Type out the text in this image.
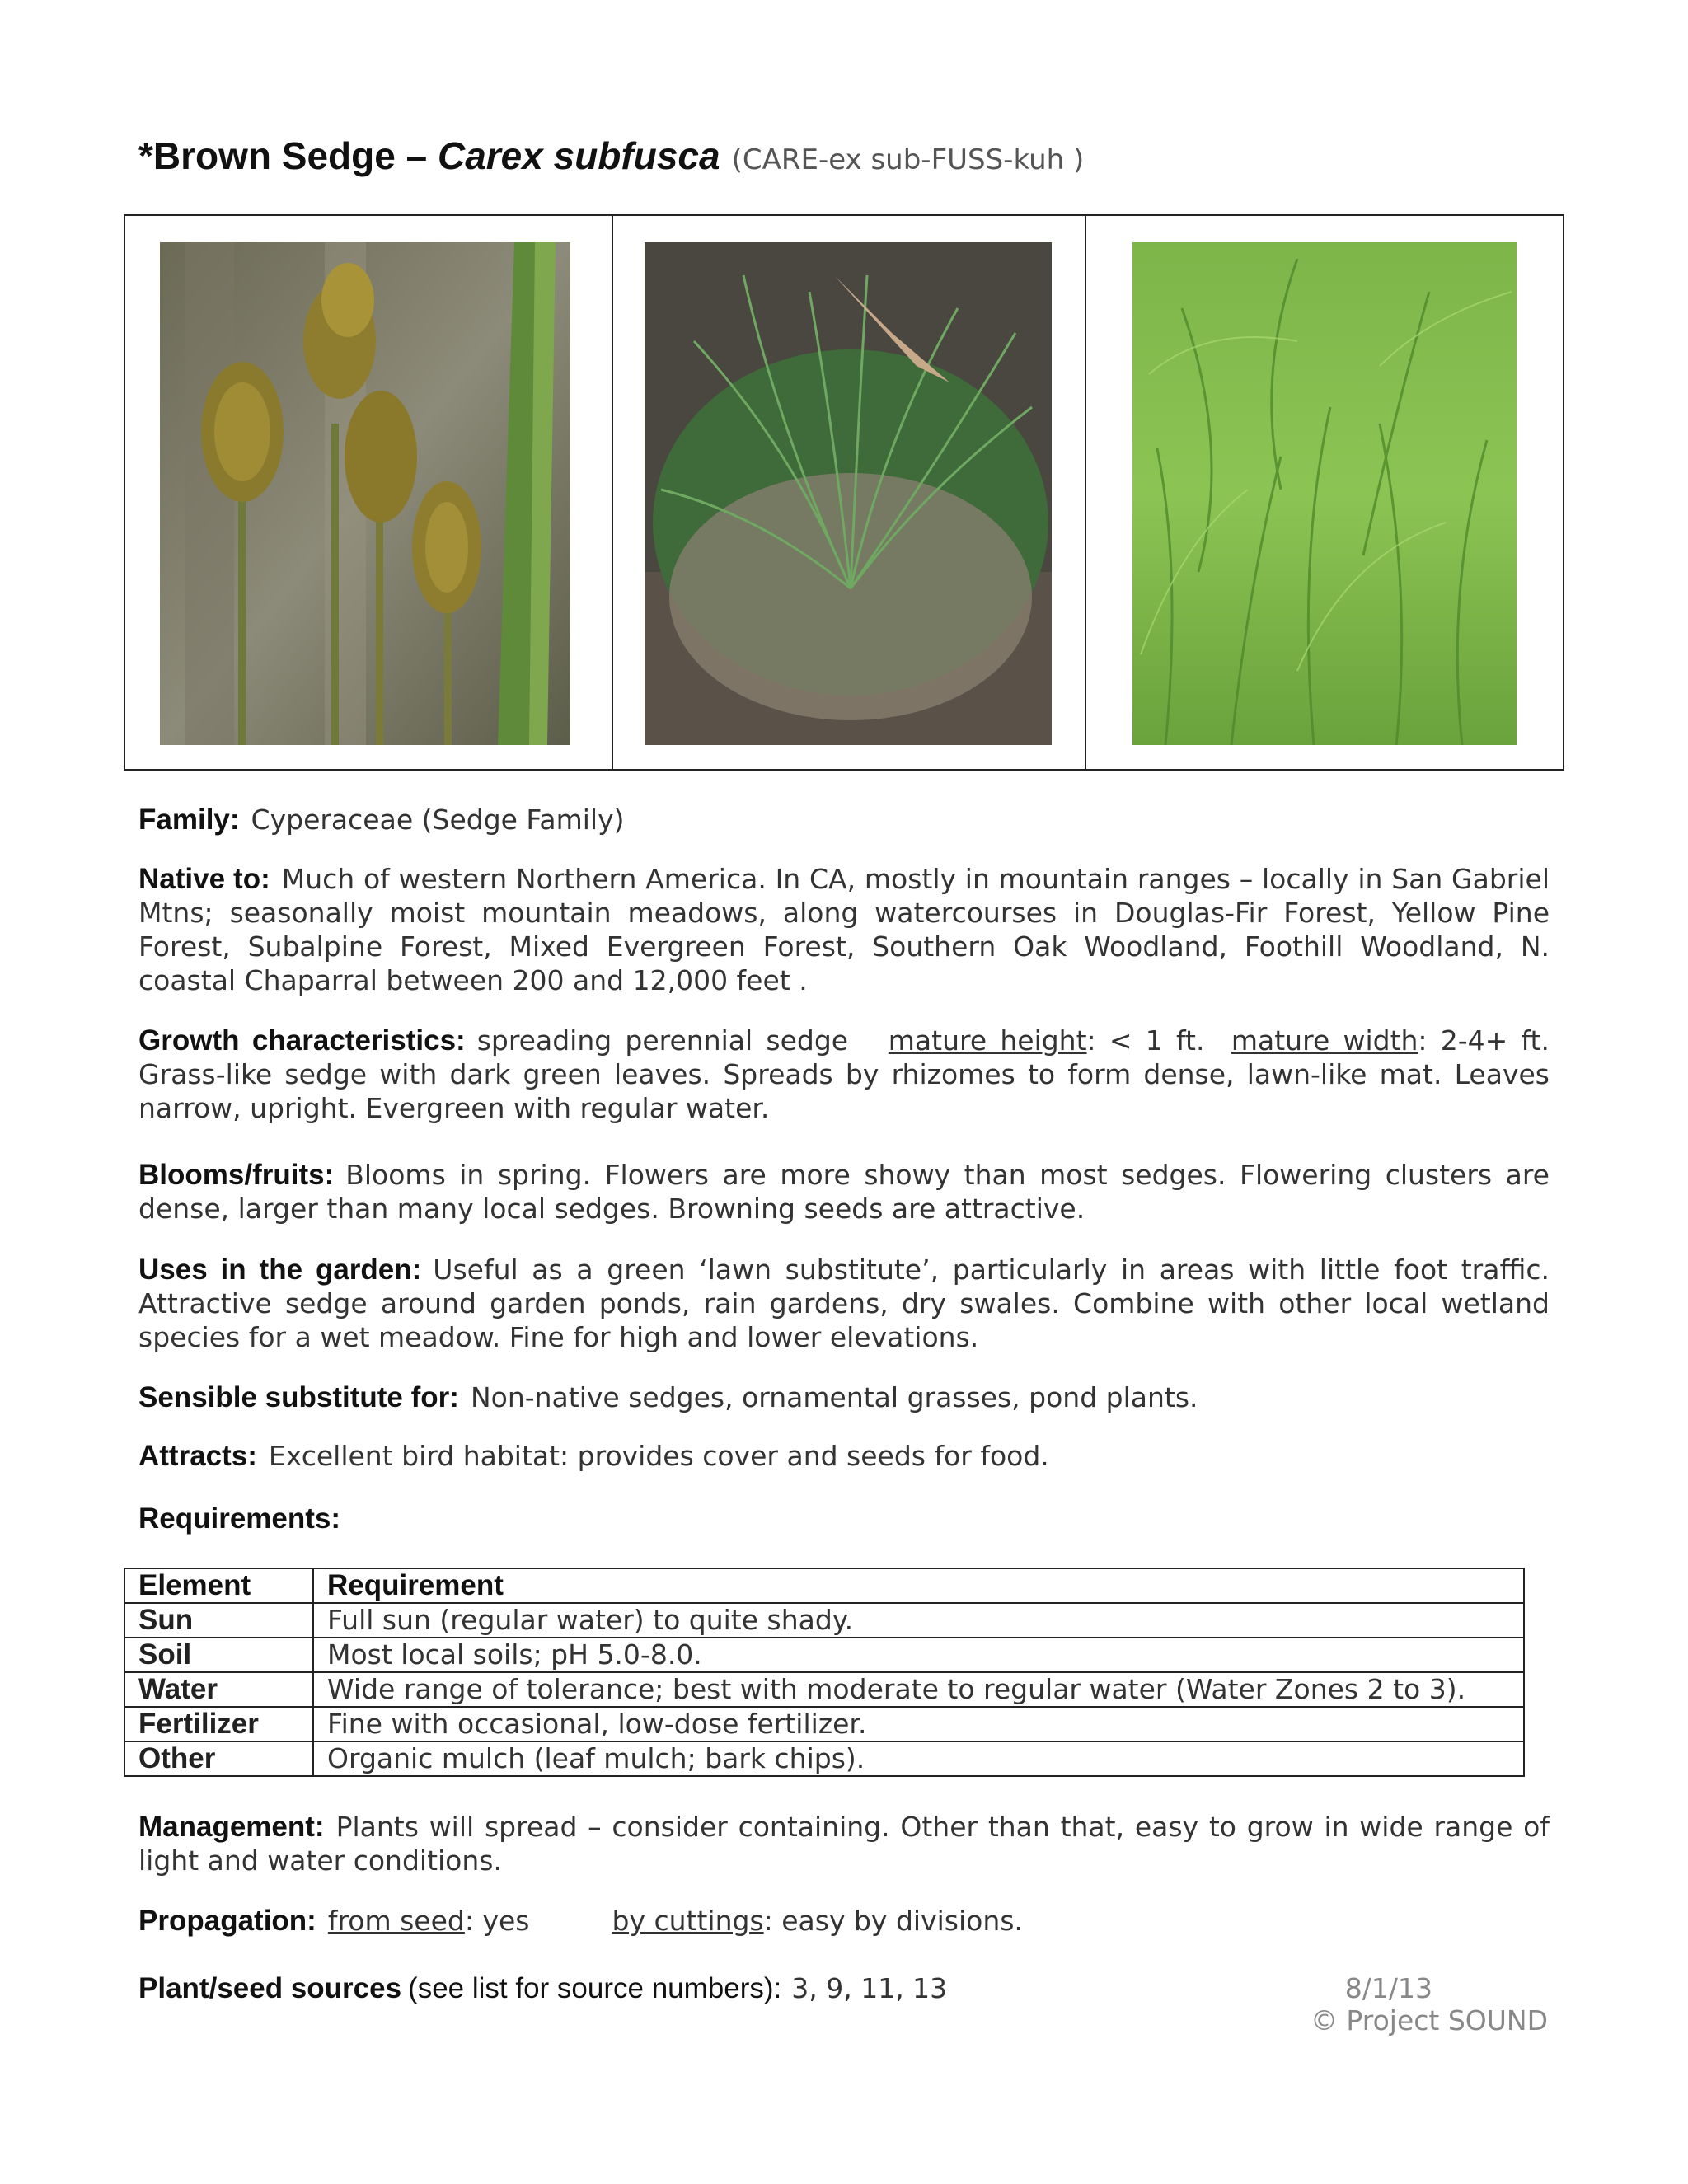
*Brown Sedge – Carex subfusca (CARE-ex sub-FUSS-kuh )
Family: Cyperaceae (Sedge Family)
Native to: Much of western Northern America. In CA, mostly in mountain ranges – locally in San Gabriel Mtns; seasonally moist mountain meadows, along watercourses in Douglas-Fir Forest, Yellow Pine Forest, Subalpine Forest, Mixed Evergreen Forest, Southern Oak Woodland, Foothill Woodland, N. coastal Chaparral between 200 and 12,000 feet .
Growth characteristics: spreading perennial sedge mature height: < 1 ft. mature width: 2-4+ ft. Grass-like sedge with dark green leaves. Spreads by rhizomes to form dense, lawn-like mat. Leaves narrow, upright. Evergreen with regular water.
Blooms/fruits: Blooms in spring. Flowers are more showy than most sedges. Flowering clusters are dense, larger than many local sedges. Browning seeds are attractive.
Uses in the garden: Useful as a green ‘lawn substitute’, particularly in areas with little foot traffic. Attractive sedge around garden ponds, rain gardens, dry swales. Combine with other local wetland species for a wet meadow. Fine for high and lower elevations.
Sensible substitute for: Non-native sedges, ornamental grasses, pond plants.
Attracts: Excellent bird habitat: provides cover and seeds for food.
Requirements:
Element	Requirement
Sun	Full sun (regular water) to quite shady.
Soil	Most local soils; pH 5.0-8.0.
Water	Wide range of tolerance; best with moderate to regular water (Water Zones 2 to 3).
Fertilizer	Fine with occasional, low-dose fertilizer.
Other	Organic mulch (leaf mulch; bark chips).
Management: Plants will spread – consider containing. Other than that, easy to grow in wide range of light and water conditions.
Propagation: from seed: yes	by cuttings: easy by divisions.
Plant/seed sources (see list for source numbers): 3, 9, 11, 13	8/1/13
© Project SOUND
